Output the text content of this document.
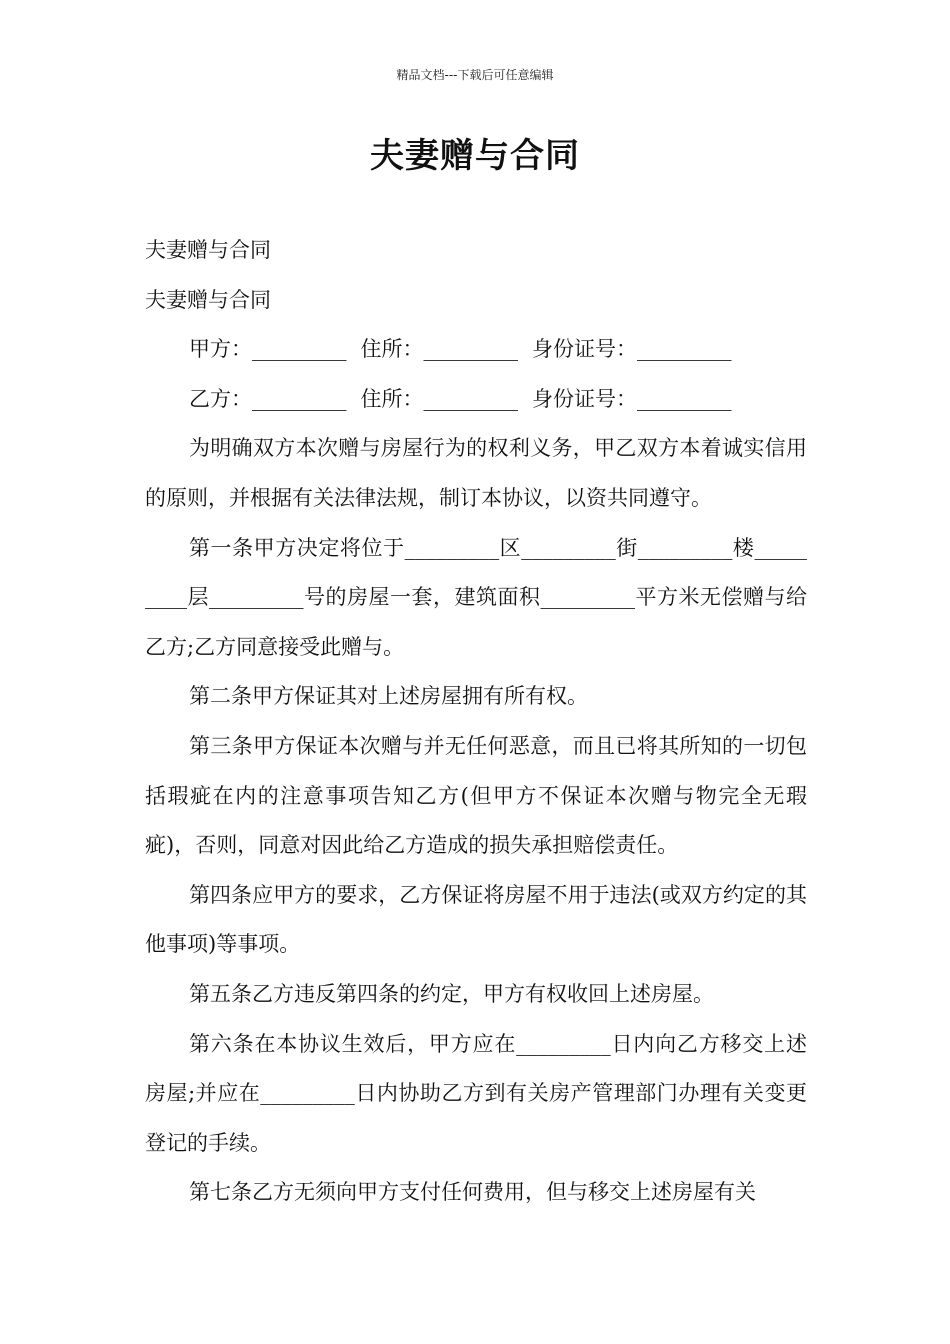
精品文档---下载后可任意编辑
夫妻赠与合同

夫妻赠与合同

夫妻赠与合同

甲方：_________ 住所：_________ 身份证号：_________

乙方：_________ 住所：_________ 身份证号：_________

为明确双方本次赠与房屋行为的权利义务，甲乙双方本着诚实信用的原则，并根据有关法律法规，制订本协议，以资共同遵守。

第一条甲方决定将位于_________区_________街_________楼_________层_________号的房屋一套，建筑面积_________平方米无偿赠与给乙方;乙方同意接受此赠与。

第二条甲方保证其对上述房屋拥有所有权。

第三条甲方保证本次赠与并无任何恶意，而且已将其所知的一切包括瑕疵在内的注意事项告知乙方(但甲方不保证本次赠与物完全无瑕疵)，否则，同意对因此给乙方造成的损失承担赔偿责任。

第四条应甲方的要求，乙方保证将房屋不用于违法(或双方约定的其他事项)等事项。

第五条乙方违反第四条的约定，甲方有权收回上述房屋。

第六条在本协议生效后，甲方应在_________日内向乙方移交上述房屋;并应在_________日内协助乙方到有关房产管理部门办理有关变更登记的手续。

第七条乙方无须向甲方支付任何费用，但与移交上述房屋有关
